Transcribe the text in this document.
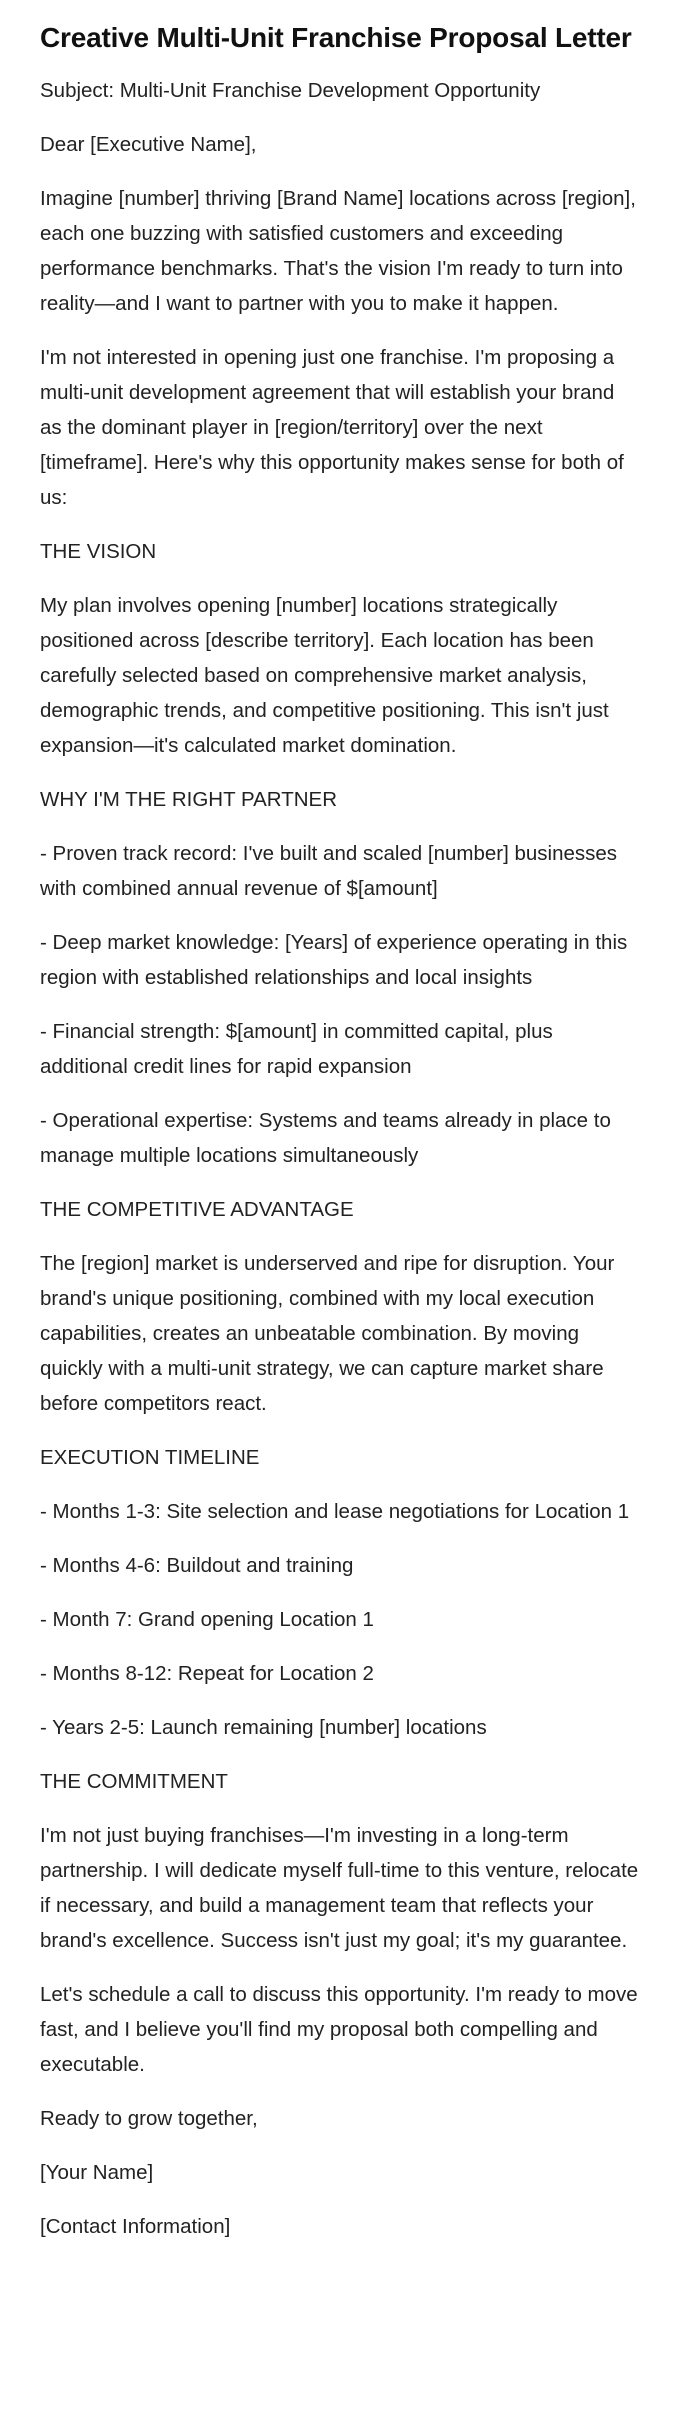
Creative Multi-Unit Franchise Proposal Letter

Subject: Multi-Unit Franchise Development Opportunity

Dear [Executive Name],

Imagine [number] thriving [Brand Name] locations across [region], each one buzzing with satisfied customers and exceeding performance benchmarks. That's the vision I'm ready to turn into reality—and I want to partner with you to make it happen.

I'm not interested in opening just one franchise. I'm proposing a multi-unit development agreement that will establish your brand as the dominant player in [region/territory] over the next [timeframe]. Here's why this opportunity makes sense for both of us:

THE VISION

My plan involves opening [number] locations strategically positioned across [describe territory]. Each location has been carefully selected based on comprehensive market analysis, demographic trends, and competitive positioning. This isn't just expansion—it's calculated market domination.

WHY I'M THE RIGHT PARTNER

- Proven track record: I've built and scaled [number] businesses with combined annual revenue of $[amount]

- Deep market knowledge: [Years] of experience operating in this region with established relationships and local insights

- Financial strength: $[amount] in committed capital, plus additional credit lines for rapid expansion

- Operational expertise: Systems and teams already in place to manage multiple locations simultaneously

THE COMPETITIVE ADVANTAGE

The [region] market is underserved and ripe for disruption. Your brand's unique positioning, combined with my local execution capabilities, creates an unbeatable combination. By moving quickly with a multi-unit strategy, we can capture market share before competitors react.

EXECUTION TIMELINE

- Months 1-3: Site selection and lease negotiations for Location 1

- Months 4-6: Buildout and training

- Month 7: Grand opening Location 1

- Months 8-12: Repeat for Location 2

- Years 2-5: Launch remaining [number] locations

THE COMMITMENT

I'm not just buying franchises—I'm investing in a long-term partnership. I will dedicate myself full-time to this venture, relocate if necessary, and build a management team that reflects your brand's excellence. Success isn't just my goal; it's my guarantee.

Let's schedule a call to discuss this opportunity. I'm ready to move fast, and I believe you'll find my proposal both compelling and executable.

Ready to grow together,

[Your Name]

[Contact Information]
